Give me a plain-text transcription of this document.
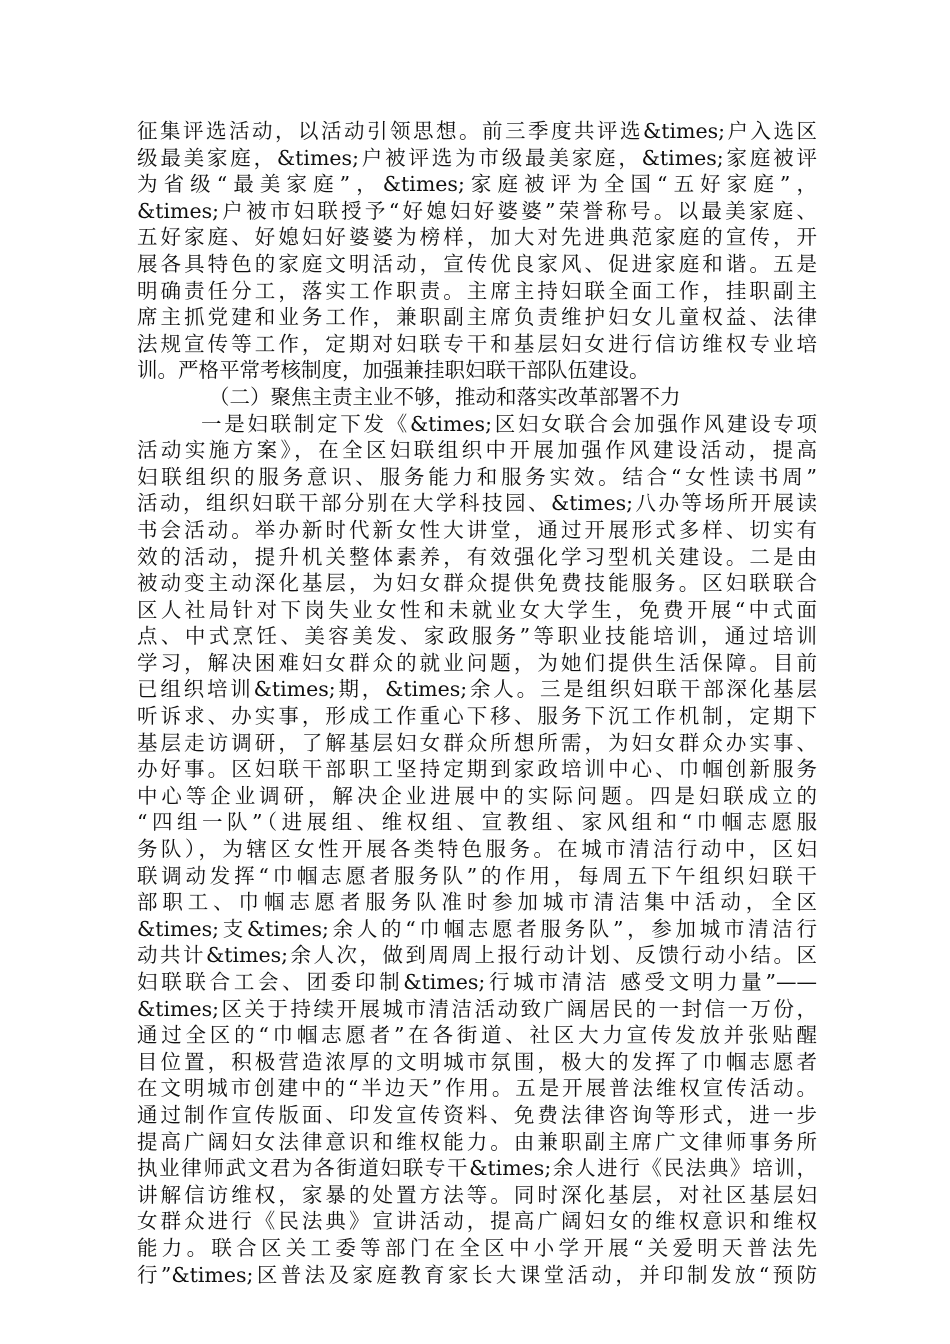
征集评选活动，以活动引领思想。前三季度共评选&times;户入选区
级最美家庭，&times;户被评选为市级最美家庭，&times;家庭被评
为省级“最美家庭”，&times;家庭被评为全国“五好家庭”，
&times;户被市妇联授予“好媳妇好婆婆”荣誉称号。以最美家庭、
五好家庭、好媳妇好婆婆为榜样，加大对先进典范家庭的宣传，开
展各具特色的家庭文明活动，宣传优良家风、促进家庭和谐。五是
明确责任分工，落实工作职责。主席主持妇联全面工作，挂职副主
席主抓党建和业务工作，兼职副主席负责维护妇女儿童权益、法律
法规宣传等工作，定期对妇联专干和基层妇女进行信访维权专业培
训。严格平常考核制度，加强兼挂职妇联干部队伍建设。
（二）聚焦主责主业不够，推动和落实改革部署不力
一是妇联制定下发《&times;区妇女联合会加强作风建设专项
活动实施方案》，在全区妇联组织中开展加强作风建设活动，提高
妇联组织的服务意识、服务能力和服务实效。结合“女性读书周”
活动，组织妇联干部分别在大学科技园、&times;八办等场所开展读
书会活动。举办新时代新女性大讲堂，通过开展形式多样、切实有
效的活动，提升机关整体素养，有效强化学习型机关建设。二是由
被动变主动深化基层，为妇女群众提供免费技能服务。区妇联联合
区人社局针对下岗失业女性和未就业女大学生，免费开展“中式面
点、中式烹饪、美容美发、家政服务”等职业技能培训，通过培训
学习，解决困难妇女群众的就业问题，为她们提供生活保障。目前
已组织培训&times;期，&times;余人。三是组织妇联干部深化基层
听诉求、办实事，形成工作重心下移、服务下沉工作机制，定期下
基层走访调研，了解基层妇女群众所想所需，为妇女群众办实事、
办好事。区妇联干部职工坚持定期到家政培训中心、巾帼创新服务
中心等企业调研，解决企业进展中的实际问题。四是妇联成立的
“四组一队”（进展组、维权组、宣教组、家风组和“巾帼志愿服
务队），为辖区女性开展各类特色服务。在城市清洁行动中，区妇
联调动发挥“巾帼志愿者服务队”的作用，每周五下午组织妇联干
部职工、巾帼志愿者服务队准时参加城市清洁集中活动，全区
&times;支&times;余人的“巾帼志愿者服务队”，参加城市清洁行
动共计&times;余人次，做到周周上报行动计划、反馈行动小结。区
妇联联合工会、团委印制&times;行城市清洁 感受文明力量”——
&times;区关于持续开展城市清洁活动致广阔居民的一封信一万份，
通过全区的“巾帼志愿者”在各街道、社区大力宣传发放并张贴醒
目位置，积极营造浓厚的文明城市氛围，极大的发挥了巾帼志愿者
在文明城市创建中的“半边天”作用。五是开展普法维权宣传活动。
通过制作宣传版面、印发宣传资料、免费法律咨询等形式，进一步
提高广阔妇女法律意识和维权能力。由兼职副主席广文律师事务所
执业律师武文君为各街道妇联专干&times;余人进行《民法典》培训，
讲解信访维权，家暴的处置方法等。同时深化基层，对社区基层妇
女群众进行《民法典》宣讲活动，提高广阔妇女的维权意识和维权
能力。联合区关工委等部门在全区中小学开展“关爱明天普法先
行”&times;区普法及家庭教育家长大课堂活动，并印制发放“预防
